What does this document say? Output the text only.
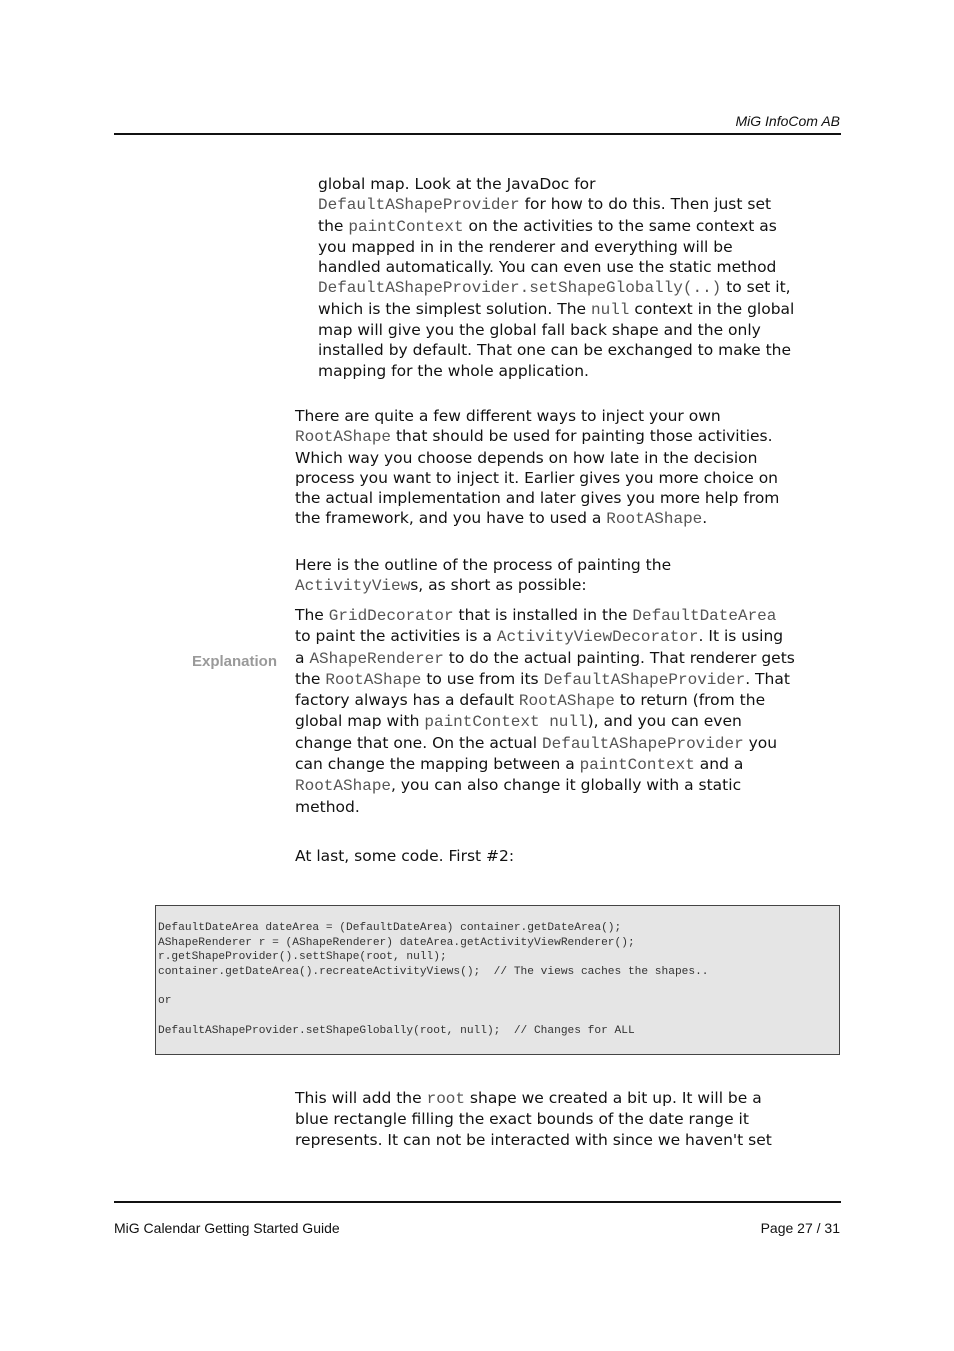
MiG InfoCom AB
global map. Look at the JavaDoc for DefaultAShapeProvider for how to do this. Then just set the paintContext on the activities to the same context as you mapped in in the renderer and everything will be handled automatically. You can even use the static method DefaultAShapeProvider.setShapeGlobally(..) to set it, which is the simplest solution. The null context in the global map will give you the global fall back shape and the only installed by default. That one can be exchanged to make the mapping for the whole application.
There are quite a few different ways to inject your own RootAShape that should be used for painting those activities. Which way you choose depends on how late in the decision process you want to inject it. Earlier gives you more choice on the actual implementation and later gives you more help from the framework, and you have to used a RootAShape.
Here is the outline of the process of painting the ActivityViews, as short as possible:
Explanation
The GridDecorator that is installed in the DefaultDateArea to paint the activities is a ActivityViewDecorator. It is using a AShapeRenderer to do the actual painting. That renderer gets the RootAShape to use from its DefaultAShapeProvider. That factory always has a default RootAShape to return (from the global map with paintContext null), and you can even change that one. On the actual DefaultAShapeProvider you can change the mapping between a paintContext and a RootAShape, you can also change it globally with a static method.
At last, some code. First #2:
DefaultDateArea dateArea = (DefaultDateArea) container.getDateArea();
AShapeRenderer r = (AShapeRenderer) dateArea.getActivityViewRenderer();
r.getShapeProvider().settShape(root, null);
container.getDateArea().recreateActivityViews();  // The views caches the shapes..
or
DefaultAShapeProvider.setShapeGlobally(root, null);  // Changes for ALL
This will add the root shape we created a bit up. It will be a blue rectangle filling the exact bounds of the date range it represents. It can not be interacted with since we haven't set
MiG Calendar Getting Started Guide	Page 27 / 31
